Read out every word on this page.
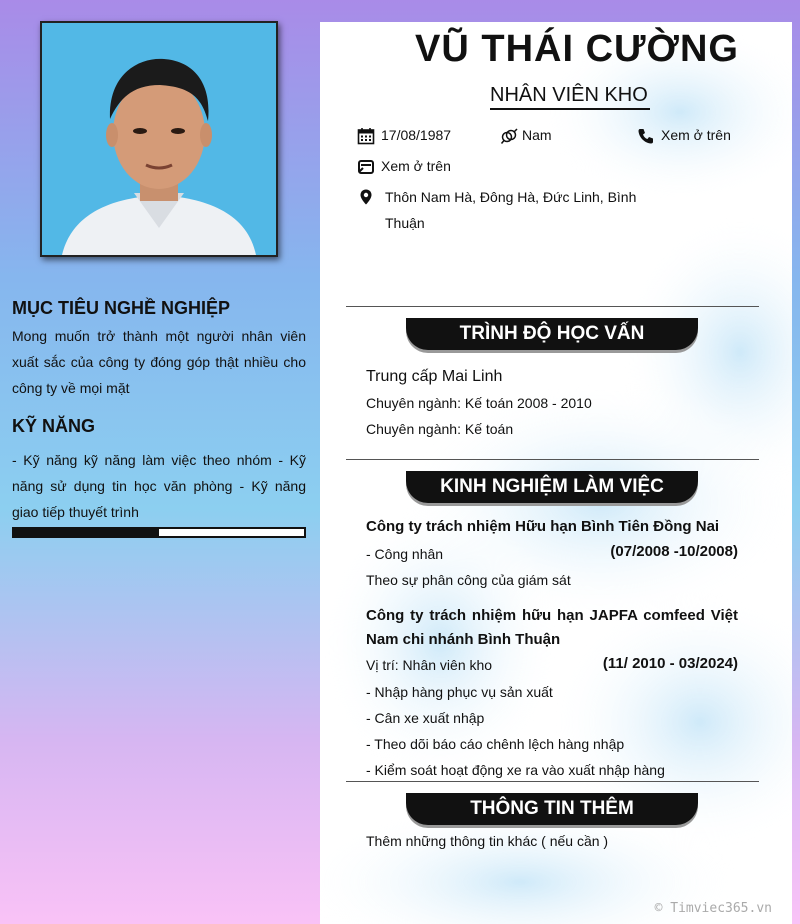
MỤC TIÊU NGHỀ NGHIỆP

Mong muốn trở thành một người nhân viên xuất sắc của công ty đóng góp thật nhiều cho công ty về mọi mặt

KỸ NĂNG

- Kỹ năng kỹ năng làm việc theo nhóm - Kỹ năng sử dụng tin học văn phòng - Kỹ năng giao tiếp thuyết trình

VŨ THÁI CƯỜNG
NHÂN VIÊN KHO
17/08/1987	Nam	Xem ở trên
Xem ở trên
Thôn Nam Hà, Đông Hà, Đức Linh, Bình Thuận
TRÌNH ĐỘ HỌC VẤN
Trung cấp Mai Linh
Chuyên ngành: Kế toán 2008 - 2010
Chuyên ngành: Kế toán
KINH NGHIỆM LÀM VIỆC
Công ty trách nhiệm Hữu hạn Bình Tiên Đồng Nai
- Công nhân	(07/2008 -10/2008)
Theo sự phân công của giám sát
Công ty trách nhiệm hữu hạn JAPFA comfeed Việt Nam chi nhánh Bình Thuận
Vị trí: Nhân viên kho	(11/ 2010 - 03/2024)
- Nhập hàng phục vụ sản xuất
- Cân xe xuất nhập
- Theo dõi báo cáo chênh lệch hàng nhập
- Kiểm soát hoạt động xe ra vào xuất nhập hàng
THÔNG TIN THÊM
Thêm những thông tin khác ( nếu cần )
© Timviec365.vn
